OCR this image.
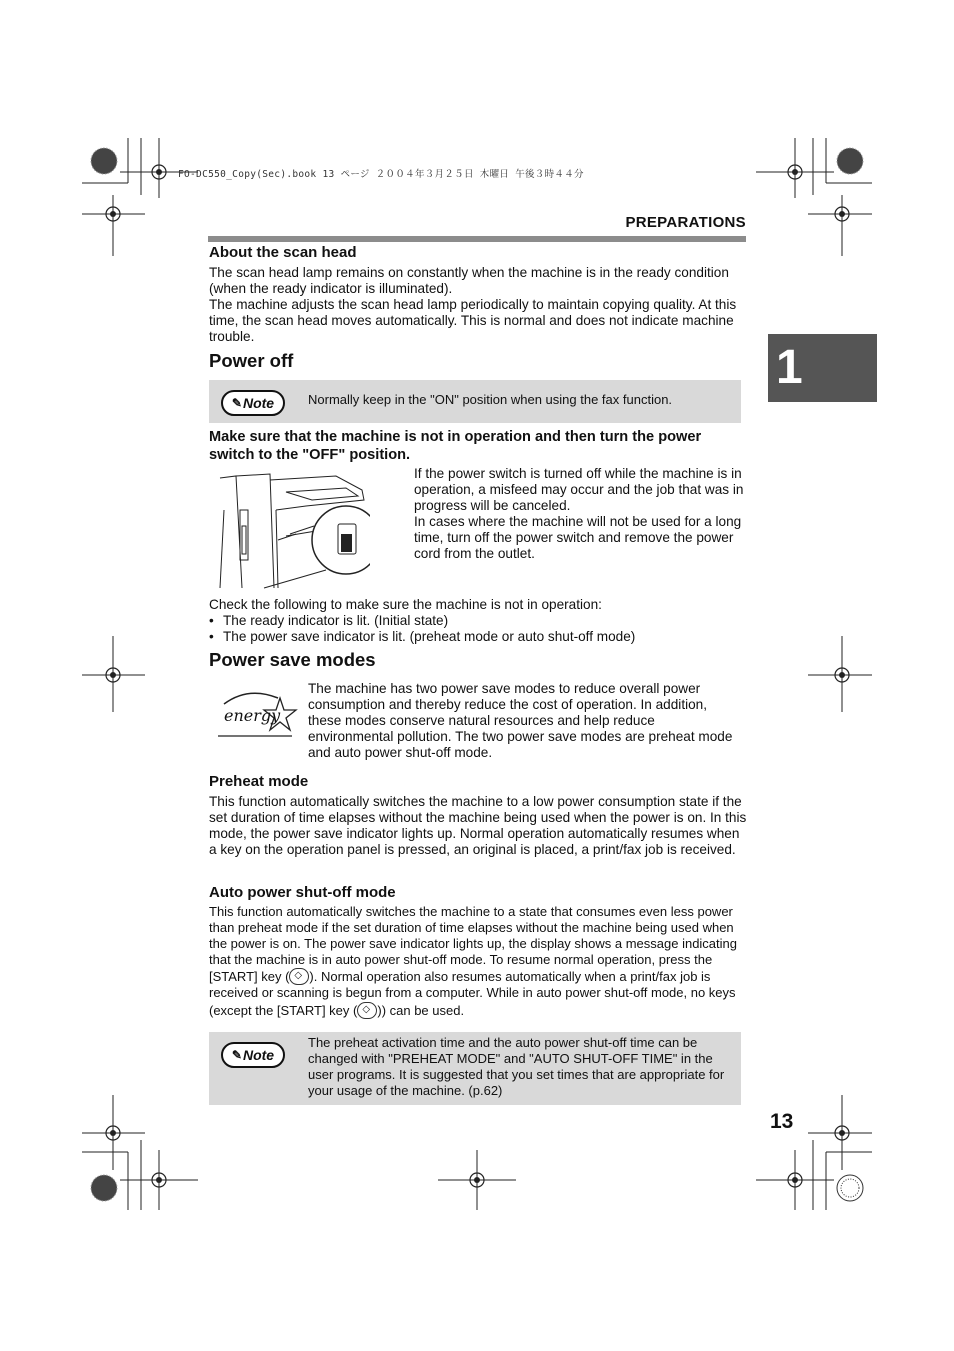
FO-DC550_Copy(Sec).book 13 ページ ２００４年３月２５日 木曜日 午後３時４４分
PREPARATIONS
1
About the scan head
The scan head lamp remains on constantly when the machine is in the ready condition (when the ready indicator is illuminated).
The machine adjusts the scan head lamp periodically to maintain copying quality. At this time, the scan head moves automatically. This is normal and does not indicate machine trouble.
Power off
✎ Note	Normally keep in the "ON" position when using the fax function.
Make sure that the machine is not in operation and then turn the power switch to the "OFF" position.
If the power switch is turned off while the machine is in operation, a misfeed may occur and the job that was in progress will be canceled.
In cases where the machine will not be used for a long time, turn off the power switch and remove the power cord from the outlet.
Check the following to make sure the machine is not in operation:
• The ready indicator is lit. (Initial state)
• The power save indicator is lit. (preheat mode or auto shut-off mode)
Power save modes
energy
The machine has two power save modes to reduce overall power consumption and thereby reduce the cost of operation. In addition, these modes conserve natural resources and help reduce environmental pollution. The two power save modes are preheat mode and auto power shut-off mode.
Preheat mode
This function automatically switches the machine to a low power consumption state if the set duration of time elapses without the machine being used when the power is on. In this mode, the power save indicator lights up. Normal operation automatically resumes when a key on the operation panel is pressed, an original is placed, a print/fax job is received.
Auto power shut-off mode
This function automatically switches the machine to a state that consumes even less power than preheat mode if the set duration of time elapses without the machine being used when the power is on. The power save indicator lights up, the display shows a message indicating that the machine is in auto power shut-off mode. To resume normal operation, press the [START] key ( ◇ ). Normal operation also resumes automatically when a print/fax job is received or scanning is begun from a computer. While in auto power shut-off mode, no keys (except the [START] key ( ◇ )) can be used.
✎ Note
The preheat activation time and the auto power shut-off time can be changed with "PREHEAT MODE" and "AUTO SHUT-OFF TIME" in the user programs. It is suggested that you set times that are appropriate for your usage of the machine. (p.62)
13
